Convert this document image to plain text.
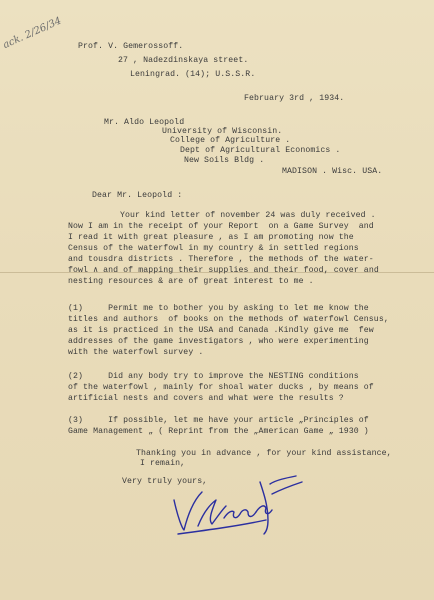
ack. 2/26/34 Prof. V. Gemerossoff.
27 , Nadezdinskaya street.
Leningrad. (14); U.S.S.R.
February 3rd , 1934.
Mr. Aldo Leopold
University of Wisconsin.
College of Agriculture .
Dept of Agricultural Economics .
New Soils Bldg .
MADISON . Wisc. USA.
Dear Mr. Leopold :
Your kind letter of november 24 was duly received .
Now I am in the receipt of your Report  on a Game Survey  and
I read it with great pleasure , as I am promoting now the
Census of the waterfowl in my country & in settled regions
and tousdra districts . Therefore , the methods of the water-
fowl ∧ and of mapping their supplies and their food, cover and
nesting resources & are of great interest to me .
(1)     Permit me to bother you by asking to let me know the
titles and authors  of books on the methods of waterfowl Census,
as it is practiced in the USA and Canada .Kindly give me  few
addresses of the game investigators , who were experimenting
with the waterfowl survey .
(2)     Did any body try to improve the NESTING conditions
of the waterfowl , mainly for shoal water ducks , by means of
artificial nests and covers and what were the results ?
(3)     If possible, let me have your article „Principles of
Game Management „ ( Reprint from the „American Game „ 1930 )
Thanking you in advance , for your kind assistance,
I remain,
Very truly yours,
